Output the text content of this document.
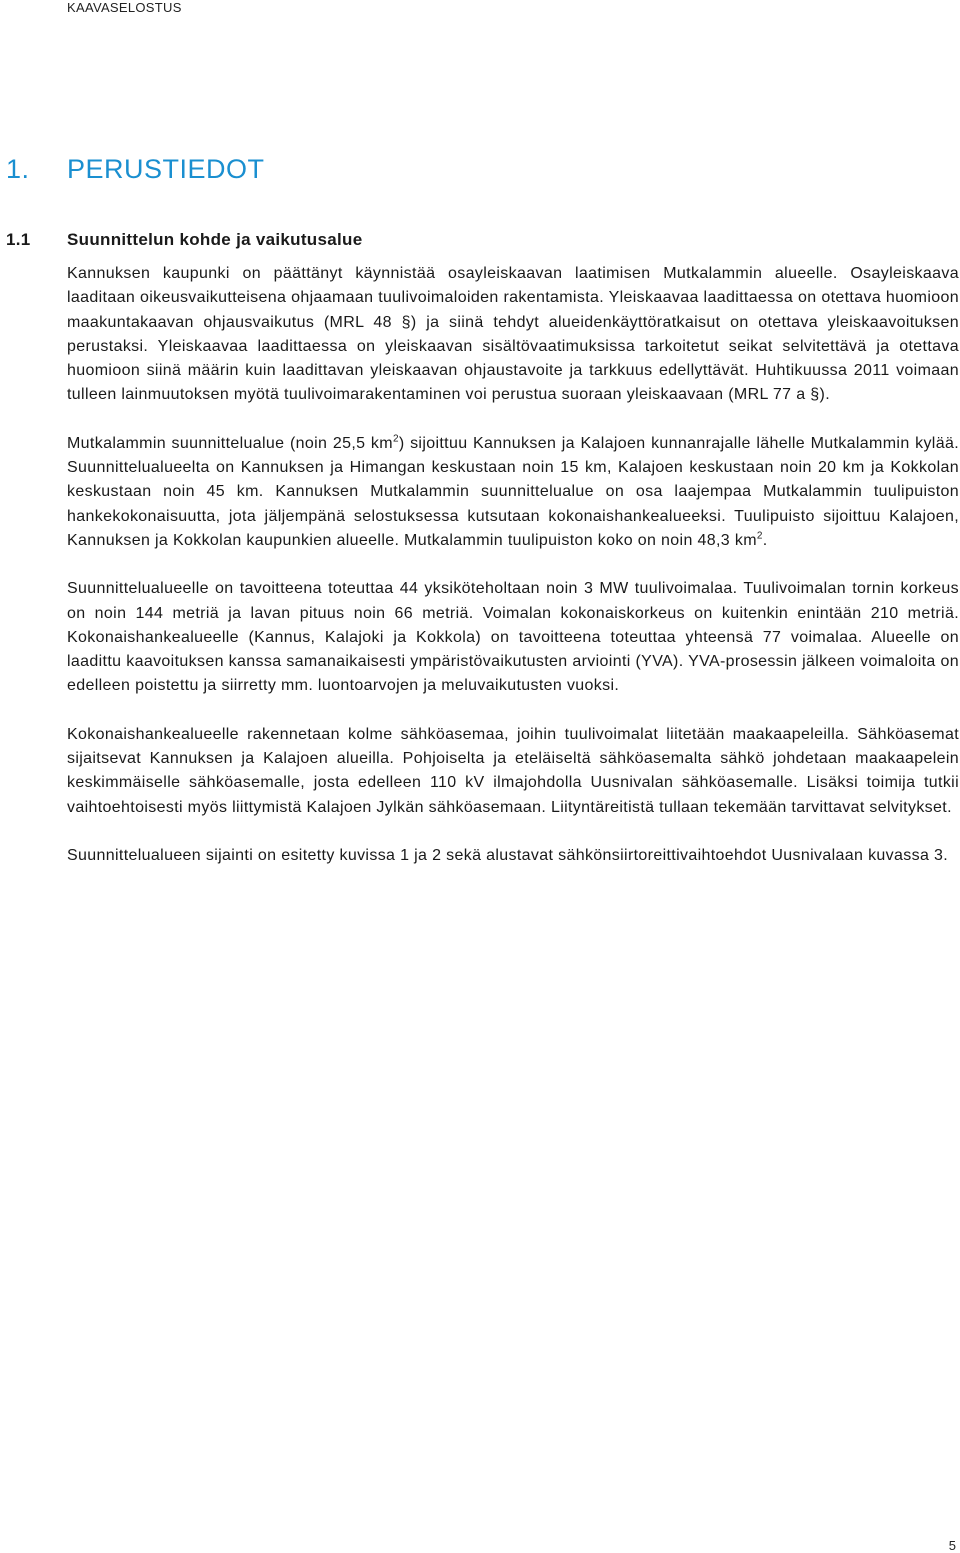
KAAVASELOSTUS
1. PERUSTIEDOT
1.1 Suunnittelun kohde ja vaikutusalue

Kannuksen kaupunki on päättänyt käynnistää osayleiskaavan laatimisen Mutkalammin alueelle. Osayleiskaava laaditaan oikeusvaikutteisena ohjaamaan tuulivoimaloiden rakentamista. Yleiskaavaa laadittaessa on otettava huomioon maakuntakaavan ohjausvaikutus (MRL 48 §) ja siinä tehdyt alueidenkäyttöratkaisut on otettava yleiskaavoituksen perustaksi. Yleiskaavaa laadittaessa on yleiskaavan sisältövaatimuksissa tarkoitetut seikat selvitettävä ja otettava huomioon siinä määrin kuin laadittavan yleiskaavan ohjaustavoite ja tarkkuus edellyttävät. Huhtikuussa 2011 voimaan tulleen lainmuutoksen myötä tuulivoimarakentaminen voi perustua suoraan yleiskaavaan (MRL 77 a §).

Mutkalammin suunnittelualue (noin 25,5 $km^2$) sijoittuu Kannuksen ja Kalajoen kunnanrajalle lähelle Mutkalammin kylää. Suunnittelualueelta on Kannuksen ja Himangan keskustaan noin 15 km, Kalajoen keskustaan noin 20 km ja Kokkolan keskustaan noin 45 km. Kannuksen Mutkalammin suunnittelualue on osa laajempaa Mutkalammin tuulipuiston hankekokonaisuutta, jota jäljempänä selostuksessa kutsutaan kokonaishankealueeksi. Tuulipuisto sijoittuu Kalajoen, Kannuksen ja Kokkolan kaupunkien alueelle. Mutkalammin tuulipuiston koko on noin 48,3 $km^2$.

Suunnittelualueelle on tavoitteena toteuttaa 44 yksiköteholtaan noin 3 MW tuulivoimalaa. Tuulivoimalan tornin korkeus on noin 144 metriä ja lavan pituus noin 66 metriä. Voimalan kokonaiskorkeus on kuitenkin enintään 210 metriä. Kokonaishankealueelle (Kannus, Kalajoki ja Kokkola) on tavoitteena toteuttaa yhteensä 77 voimalaa. Alueelle on laadittu kaavoituksen kanssa samanaikaisesti ympäristövaikutusten arviointi (YVA). YVA-prosessin jälkeen voimaloita on edelleen poistettu ja siirretty mm. luontoarvojen ja meluvaikutusten vuoksi.

Kokonaishankealueelle rakennetaan kolme sähköasemaa, joihin tuulivoimalat liitetään maakaapeleilla. Sähköasemat sijaitsevat Kannuksen ja Kalajoen alueilla. Pohjoiselta ja eteläiseltä sähköasemalta sähkö johdetaan maakaapelein keskimmäiselle sähköasemalle, josta edelleen 110 kV ilmajohdolla Uusnivalan sähköasemalle. Lisäksi toimija tutkii vaihtoehtoisesti myös liittymistä Kalajoen Jylkän sähköasemaan. Liityntäreitistä tullaan tekemään tarvittavat selvitykset.

Suunnittelualueen sijainti on esitetty kuvissa 1 ja 2 sekä alustavat sähkönsiirtoreittivaihtoehdot Uusnivalaan kuvassa 3.

5
